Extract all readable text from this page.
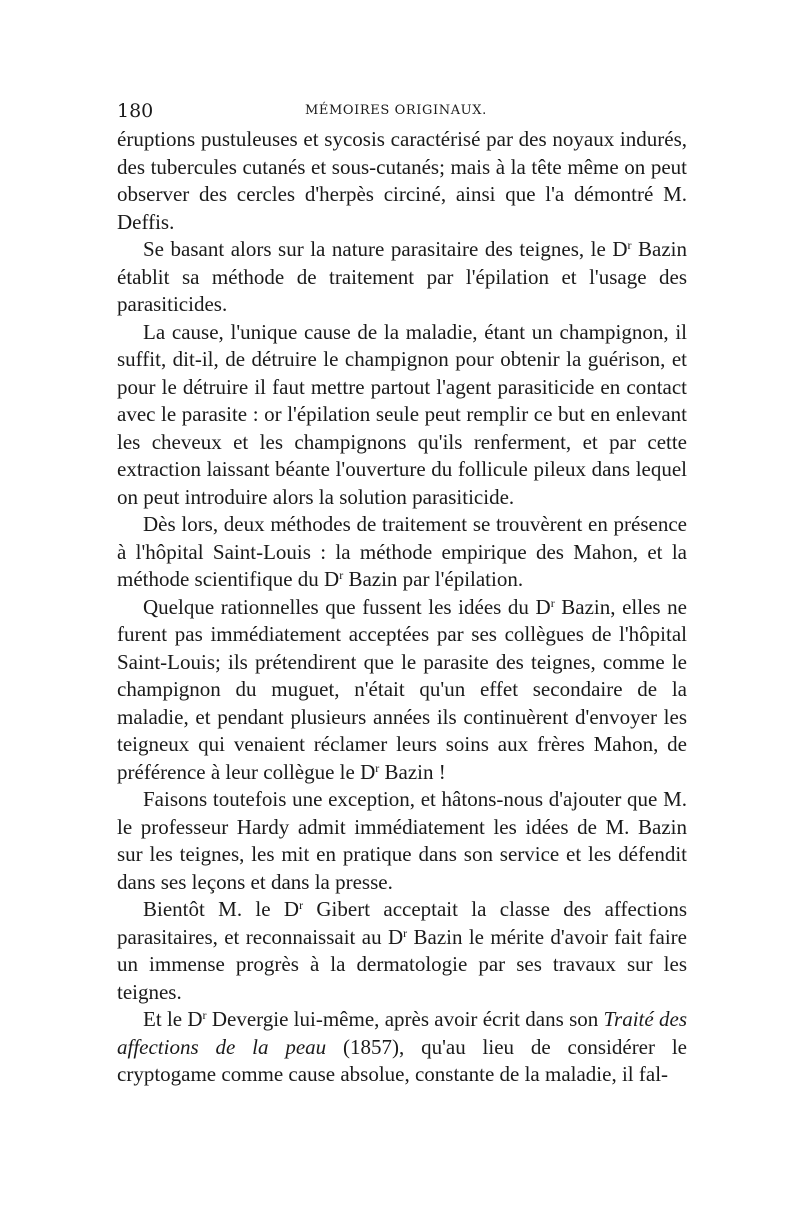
180	MÉMOIRES ORIGINAUX.

éruptions pustuleuses et sycosis caractérisé par des noyaux indurés, des tubercules cutanés et sous-cutanés; mais à la tête même on peut observer des cercles d'herpès circiné, ainsi que l'a démontré M. Deffis.

Se basant alors sur la nature parasitaire des teignes, le $D^r$ Bazin établit sa méthode de traitement par l'épilation et l'usage des parasiticides.

La cause, l'unique cause de la maladie, étant un champignon, il suffit, dit-il, de détruire le champignon pour obtenir la guérison, et pour le détruire il faut mettre partout l'agent parasiticide en contact avec le parasite : or l'épilation seule peut remplir ce but en enlevant les cheveux et les champignons qu'ils renferment, et par cette extraction laissant béante l'ouverture du follicule pileux dans lequel on peut introduire alors la solution parasiticide.

Dès lors, deux méthodes de traitement se trouvèrent en présence à l'hôpital Saint-Louis : la méthode empirique des Mahon, et la méthode scientifique du $D^r$ Bazin par l'épilation.

Quelque rationnelles que fussent les idées du $D^r$ Bazin, elles ne furent pas immédiatement acceptées par ses collègues de l'hôpital Saint-Louis; ils prétendirent que le parasite des teignes, comme le champignon du muguet, n'était qu'un effet secondaire de la maladie, et pendant plusieurs années ils continuèrent d'envoyer les teigneux qui venaient réclamer leurs soins aux frères Mahon, de préférence à leur collègue le $D^r$ Bazin !

Faisons toutefois une exception, et hâtons-nous d'ajouter que M. le professeur Hardy admit immédiatement les idées de M. Bazin sur les teignes, les mit en pratique dans son service et les défendit dans ses leçons et dans la presse.

Bientôt M. le $D^r$ Gibert acceptait la classe des affections parasitaires, et reconnaissait au $D^r$ Bazin le mérite d'avoir fait faire un immense progrès à la dermatologie par ses travaux sur les teignes.

Et le $D^r$ Devergie lui-même, après avoir écrit dans son Traité des affections de la peau (1857), qu'au lieu de considérer le cryptogame comme cause absolue, constante de la maladie, il fal-
